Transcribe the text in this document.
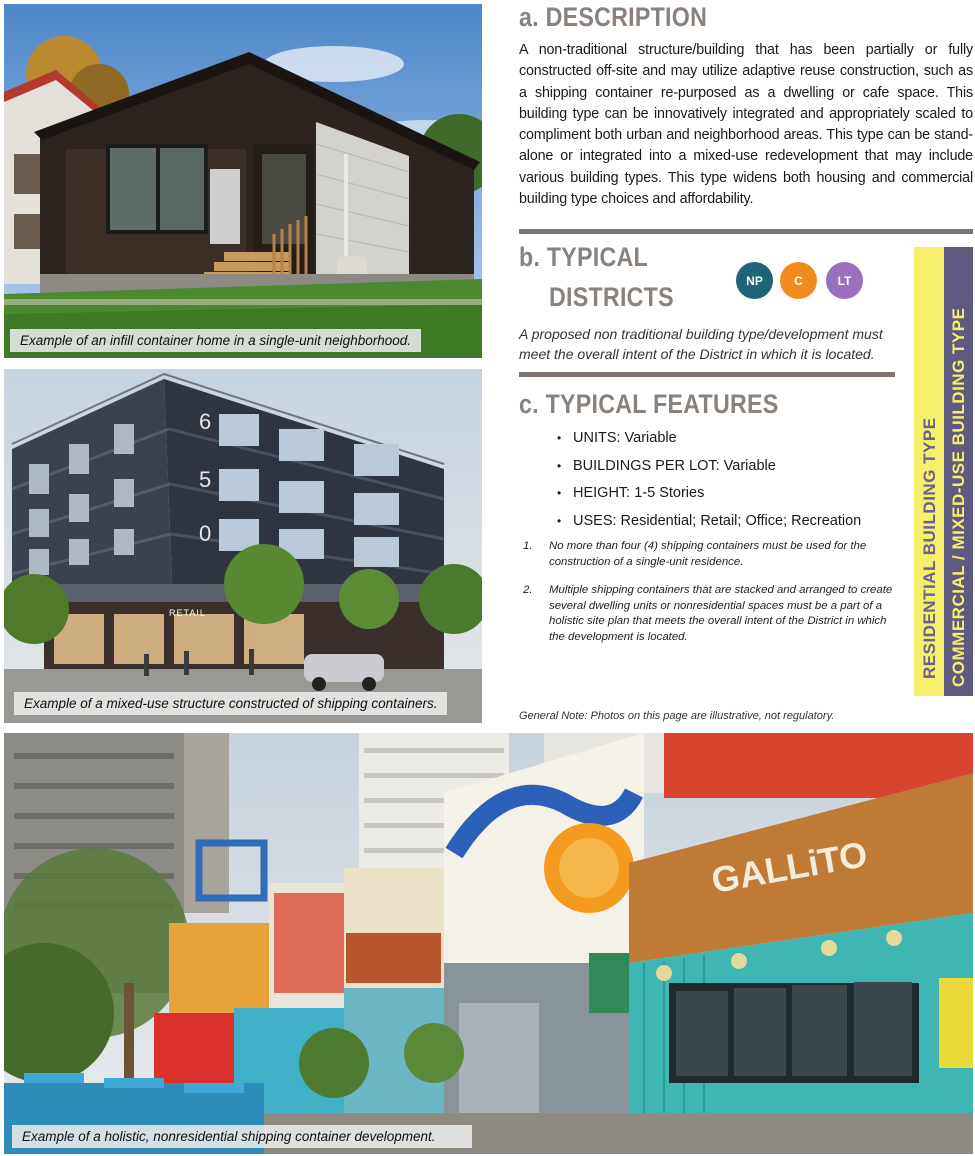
Example of an infill container home in a single-unit neighborhood.
6
5
0
RETAIL
Example of a mixed-use structure constructed of shipping containers.
a. DESCRIPTION
A non-traditional structure/building that has been partially or fully constructed off-site and may utilize adaptive reuse construction, such as a shipping container re-purposed as a dwelling or cafe space. This building type can be innovatively integrated and appropriately scaled to compliment both urban and neighborhood areas. This type can be stand-alone or integrated into a mixed-use redevelopment that may include various building types. This type widens both housing and commercial building type choices and affordability.
b. TYPICAL
DISTRICTS
NP	C	LT
A proposed non traditional building type/development must meet the overall intent of the District in which it is located.
c. TYPICAL FEATURES
• UNITS: Variable
• BUILDINGS PER LOT: Variable
• HEIGHT: 1-5 Stories
• USES: Residential; Retail; Office; Recreation
1. No more than four (4) shipping containers must be used for the construction of a single-unit residence.
2. Multiple shipping containers that are stacked and arranged to create several dwelling units or nonresidential spaces must be a part of a holistic site plan that meets the overall intent of the District in which the development is located.
General Note: Photos on this page are illustrative, not regulatory.
RESIDENTIAL BUILDING TYPE COMMERCIAL / MIXED-USE BUILDING TYPE
GALLiTO
Example of a holistic, nonresidential shipping container development.
